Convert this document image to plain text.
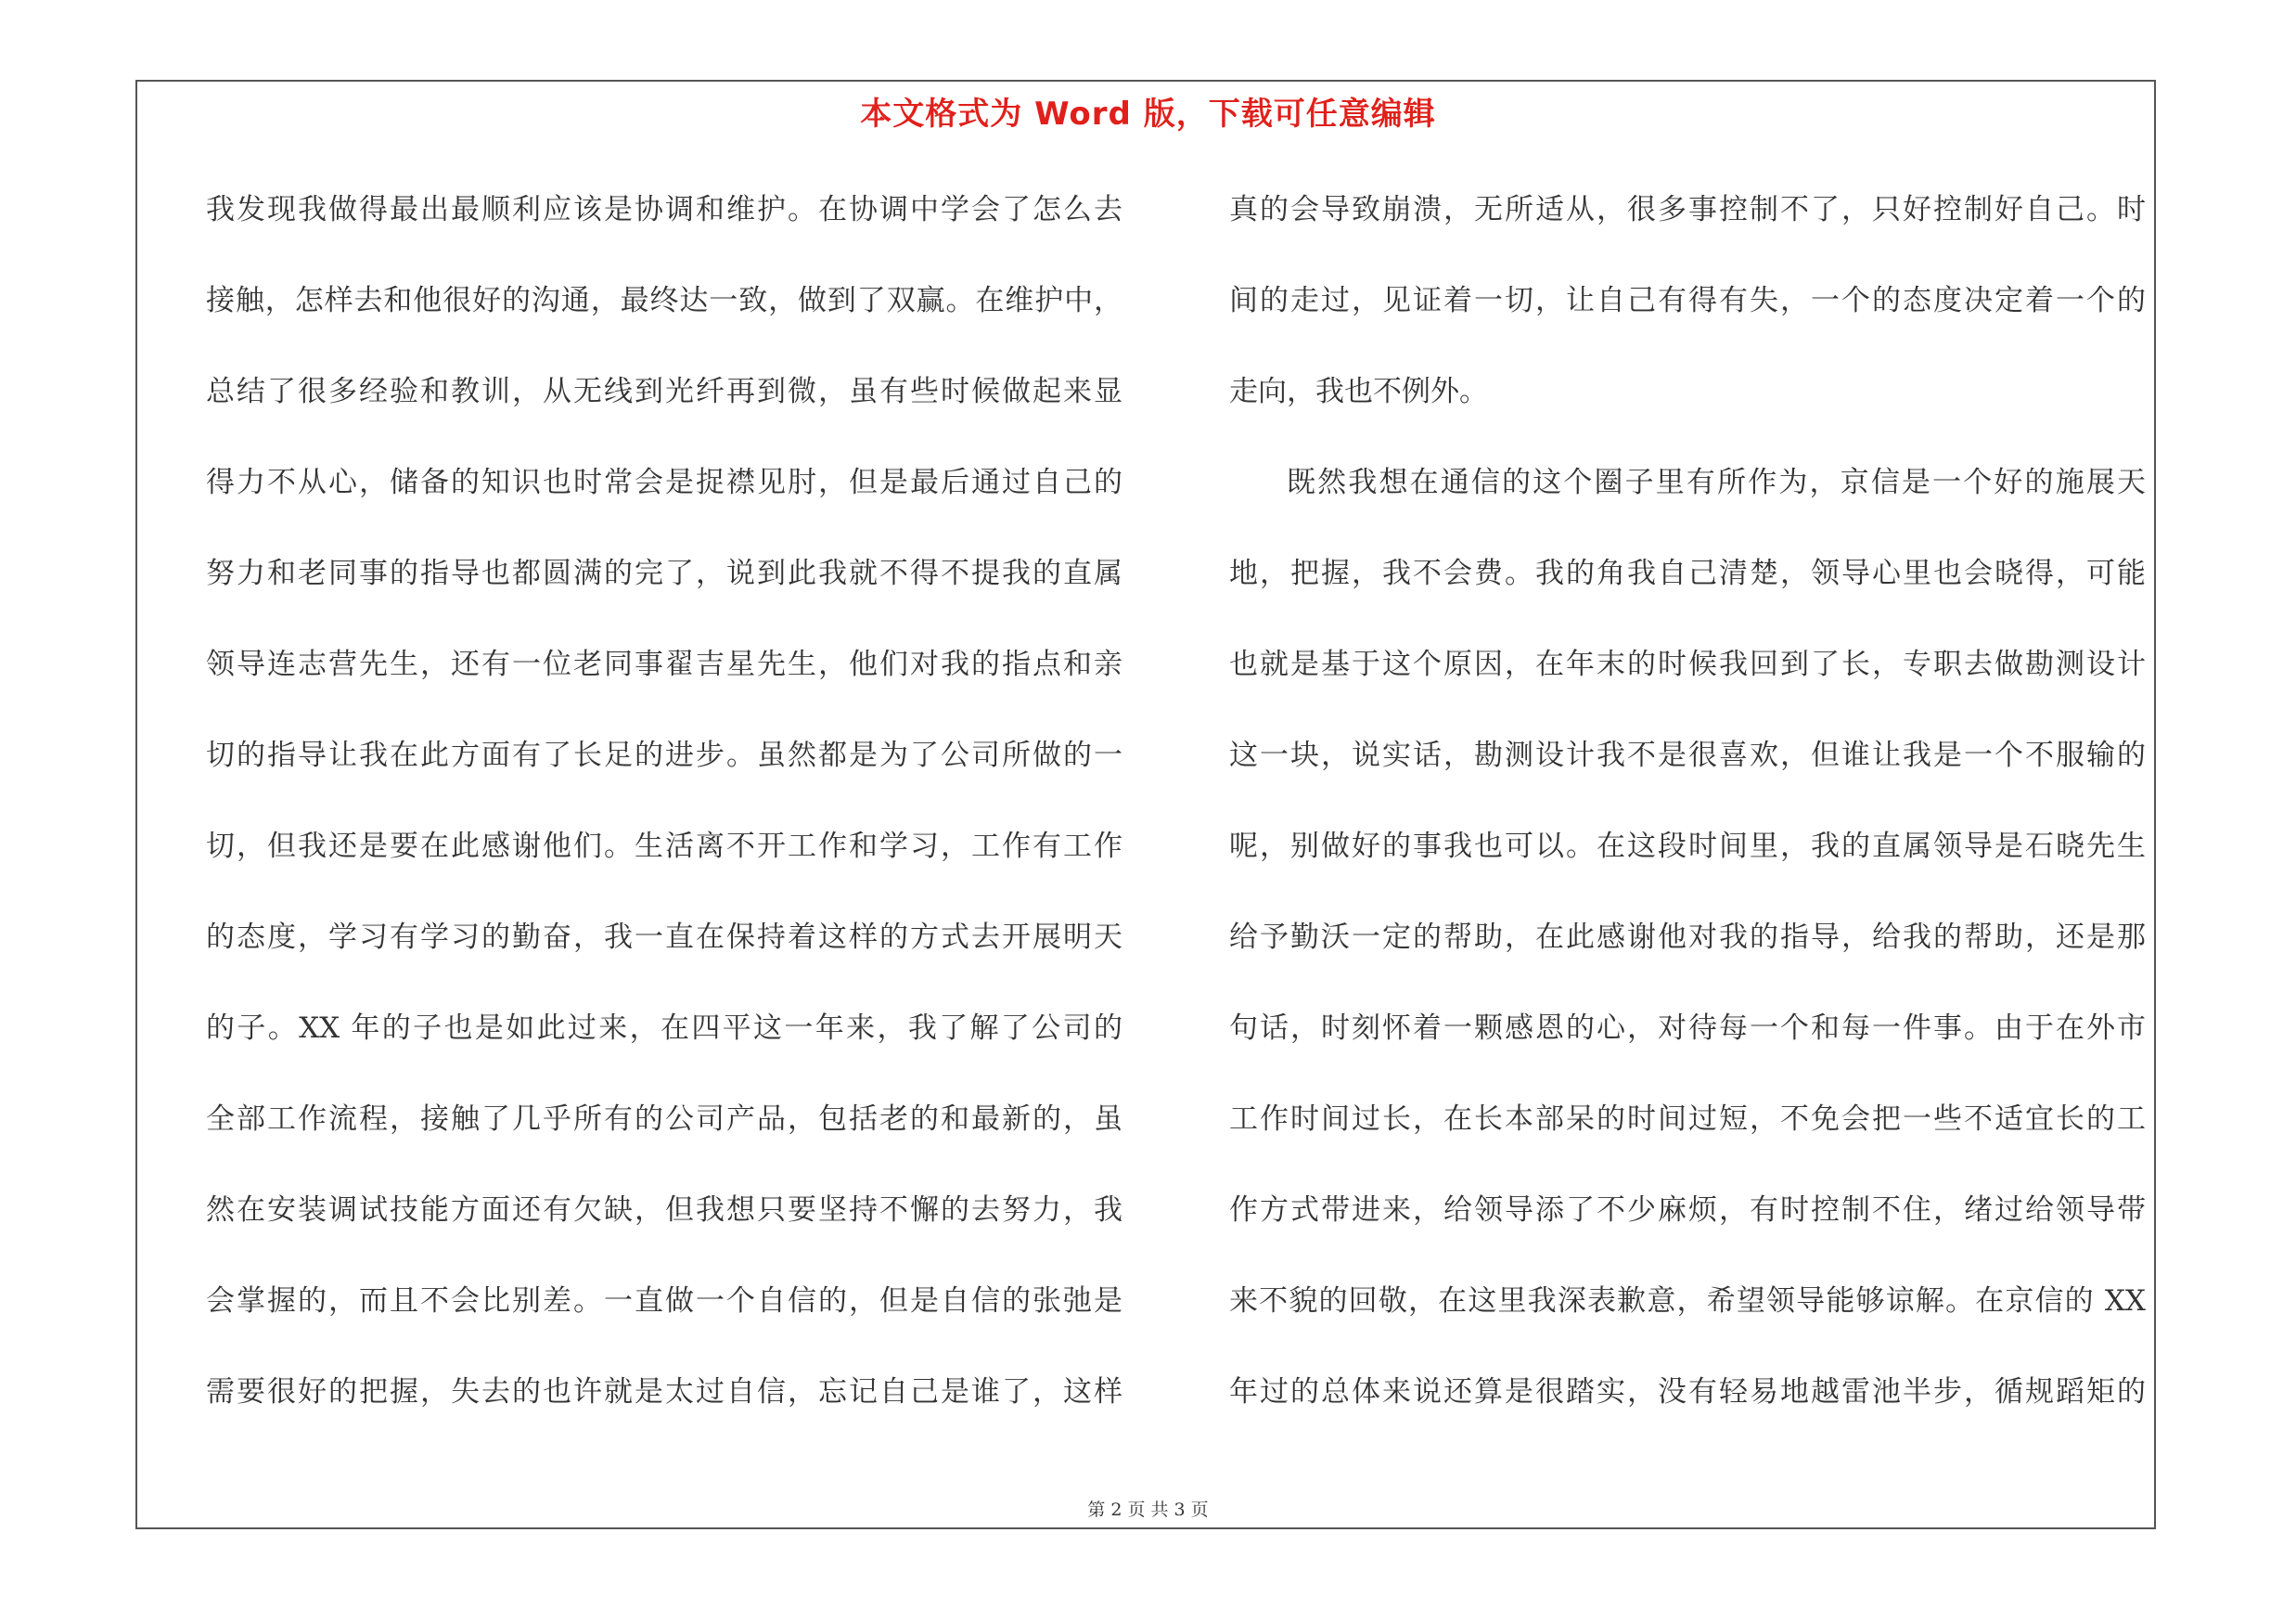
本文格式为 Word 版，下载可任意编辑
我发现我做得最出最顺利应该是协调和维护。在协调中学会了怎么去
接触，怎样去和他很好的沟通，最终达一致，做到了双赢。在维护中，
总结了很多经验和教训，从无线到光纤再到微，虽有些时候做起来显
得力不从心，储备的知识也时常会是捉襟见肘，但是最后通过自己的
努力和老同事的指导也都圆满的完了，说到此我就不得不提我的直属
领导连志营先生，还有一位老同事翟吉星先生，他们对我的指点和亲
切的指导让我在此方面有了长足的进步。虽然都是为了公司所做的一
切，但我还是要在此感谢他们。生活离不开工作和学习，工作有工作
的态度，学习有学习的勤奋，我一直在保持着这样的方式去开展明天
的子。XX 年的子也是如此过来，在四平这一年来，我了解了公司的
全部工作流程，接触了几乎所有的公司产品，包括老的和最新的，虽
然在安装调试技能方面还有欠缺，但我想只要坚持不懈的去努力，我
会掌握的，而且不会比别差。一直做一个自信的，但是自信的张弛是
需要很好的把握，失去的也许就是太过自信，忘记自己是谁了，这样
真的会导致崩溃，无所适从，很多事控制不了，只好控制好自己。时
间的走过，见证着一切，让自己有得有失，一个的态度决定着一个的
走向，我也不例外。
既然我想在通信的这个圈子里有所作为，京信是一个好的施展天
地，把握，我不会费。我的角我自己清楚，领导心里也会晓得，可能
也就是基于这个原因，在年末的时候我回到了长，专职去做勘测设计
这一块，说实话，勘测设计我不是很喜欢，但谁让我是一个不服输的
呢，别做好的事我也可以。在这段时间里，我的直属领导是石晓先生
给予勤沃一定的帮助，在此感谢他对我的指导，给我的帮助，还是那
句话，时刻怀着一颗感恩的心，对待每一个和每一件事。由于在外市
工作时间过长，在长本部呆的时间过短，不免会把一些不适宜长的工
作方式带进来，给领导添了不少麻烦，有时控制不住，绪过给领导带
来不貌的回敬，在这里我深表歉意，希望领导能够谅解。在京信的 XX
年过的总体来说还算是很踏实，没有轻易地越雷池半步，循规蹈矩的
第 2 页 共 3 页
